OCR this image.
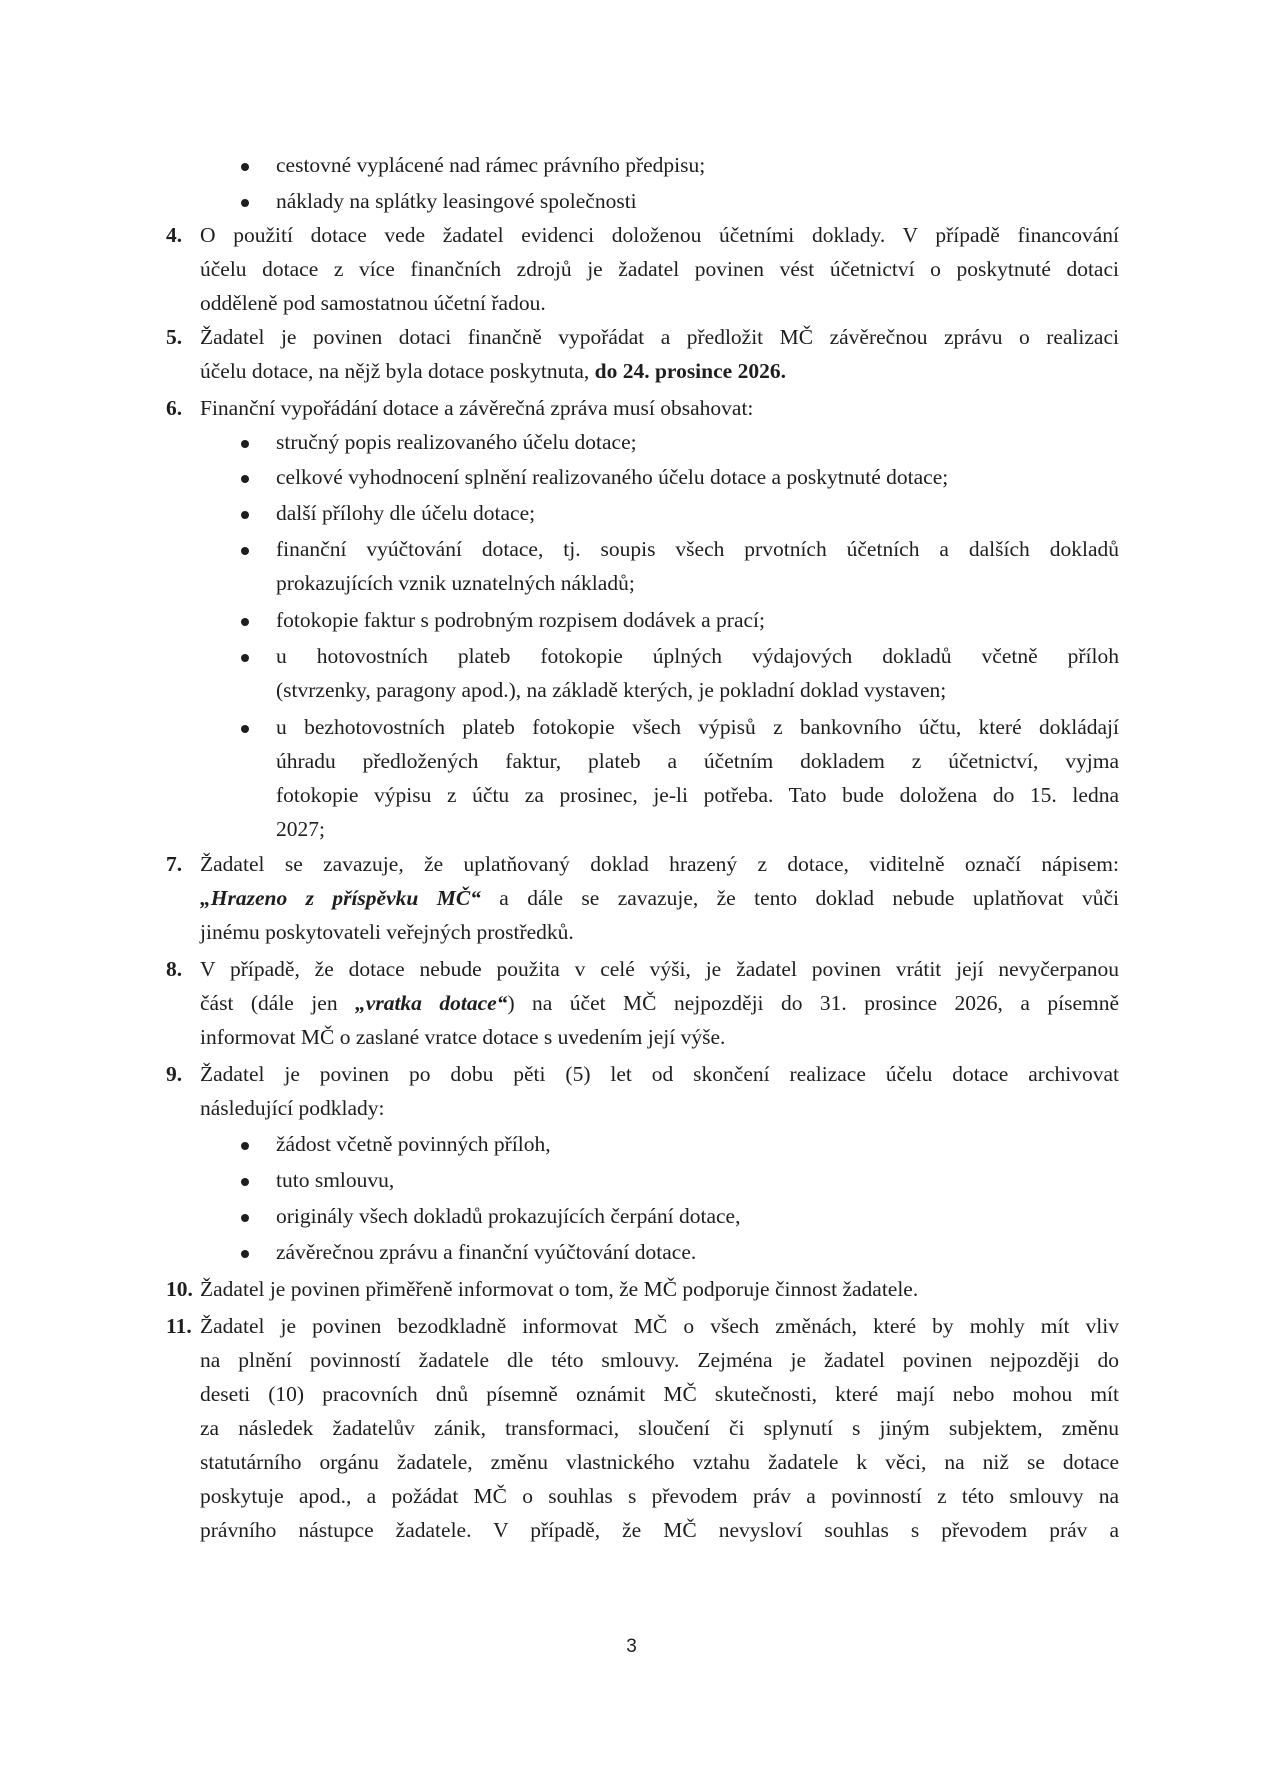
cestovné vyplácené nad rámec právního předpisu;
náklady na splátky leasingové společnosti
4. O použití dotace vede žadatel evidenci doloženou účetními doklady. V případě financování
účelu dotace z více finančních zdrojů je žadatel povinen vést účetnictví o poskytnuté dotaci
odděleně pod samostatnou účetní řadou.
5. Žadatel je povinen dotaci finančně vypořádat a předložit MČ závěrečnou zprávu o realizaci
účelu dotace, na nějž byla dotace poskytnuta, do 24. prosince 2026.
6. Finanční vypořádání dotace a závěrečná zpráva musí obsahovat:
stručný popis realizovaného účelu dotace;
celkové vyhodnocení splnění realizovaného účelu dotace a poskytnuté dotace;
další přílohy dle účelu dotace;
finanční vyúčtování dotace, tj. soupis všech prvotních účetních a dalších dokladů
prokazujících vznik uznatelných nákladů;
fotokopie faktur s podrobným rozpisem dodávek a prací;
u hotovostních plateb fotokopie úplných výdajových dokladů včetně příloh
(stvrzenky, paragony apod.), na základě kterých, je pokladní doklad vystaven;
u bezhotovostních plateb fotokopie všech výpisů z bankovního účtu, které dokládají
úhradu předložených faktur, plateb a účetním dokladem z účetnictví, vyjma
fotokopie výpisu z účtu za prosinec, je-li potřeba. Tato bude doložena do 15. ledna
2027;
7. Žadatel se zavazuje, že uplatňovaný doklad hrazený z dotace, viditelně označí nápisem:
„Hrazeno z příspěvku MČ“ a dále se zavazuje, že tento doklad nebude uplatňovat vůči
jinému poskytovateli veřejných prostředků.
8. V případě, že dotace nebude použita v celé výši, je žadatel povinen vrátit její nevyčerpanou
část (dále jen „vratka dotace“) na účet MČ nejpozději do 31. prosince 2026, a písemně
informovat MČ o zaslané vratce dotace s uvedením její výše.
9. Žadatel je povinen po dobu pěti (5) let od skončení realizace účelu dotace archivovat
následující podklady:
žádost včetně povinných příloh,
tuto smlouvu,
originály všech dokladů prokazujících čerpání dotace,
závěrečnou zprávu a finanční vyúčtování dotace.
10. Žadatel je povinen přiměřeně informovat o tom, že MČ podporuje činnost žadatele.
11. Žadatel je povinen bezodkladně informovat MČ o všech změnách, které by mohly mít vliv
na plnění povinností žadatele dle této smlouvy. Zejména je žadatel povinen nejpozději do
deseti (10) pracovních dnů písemně oznámit MČ skutečnosti, které mají nebo mohou mít
za následek žadatelův zánik, transformaci, sloučení či splynutí s jiným subjektem, změnu
statutárního orgánu žadatele, změnu vlastnického vztahu žadatele k věci, na niž se dotace
poskytuje apod., a požádat MČ o souhlas s převodem práv a povinností z této smlouvy na
právního nástupce žadatele. V případě, že MČ nevysloví souhlas s převodem práv a
3
